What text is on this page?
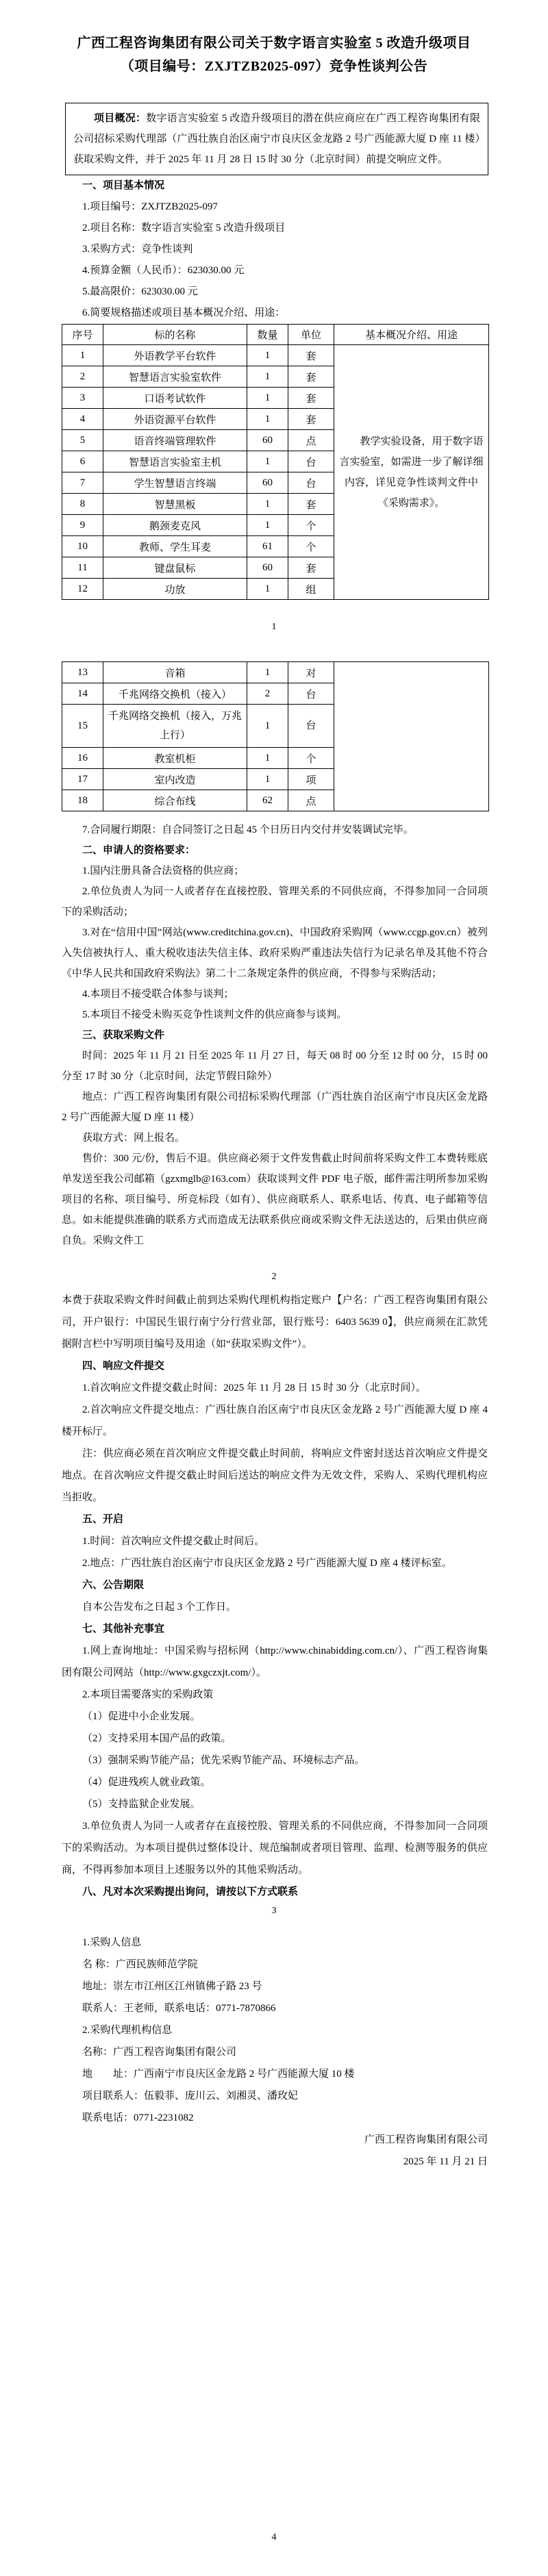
广西工程咨询集团有限公司关于数字语言实验室 5 改造升级项目
（项目编号：ZXJTZB2025-097）竞争性谈判公告

项目概况：数字语言实验室 5 改造升级项目的潜在供应商应在广西工程咨询集团有限公司招标采购代理部（广西壮族自治区南宁市良庆区金龙路 2 号广西能源大厦 D 座 11 楼）获取采购文件，并于 2025 年 11 月 28 日 15 时 30 分（北京时间）前提交响应文件。

一、项目基本情况

1.项目编号：ZXJTZB2025-097

2.项目名称：数字语言实验室 5 改造升级项目

3.采购方式：竞争性谈判

4.预算金额（人民币）：623030.00 元

5.最高限价：623030.00 元

6.简要规格描述或项目基本概况介绍、用途：

序号	标的名称	数量	单位	基本概况介绍、用途
1	外语教学平台软件	1	套	教学实验设备，用于数字语言实验室，如需进一步了解详细内容，详见竞争性谈判文件中《采购需求》。

2	智慧语言实验室软件	1	套	
3	口语考试软件	1	套	
4	外语资源平台软件	1	套	
5	语音终端管理软件	60	点	
6	智慧语言实验室主机	1	台	
7	学生智慧语言终端	60	台	
8	智慧黑板	1	套	
9	鹅颈麦克风	1	个	
10	教师、学生耳麦	61	个	
11	键盘鼠标	60	套	
12	功放	1	组	
1
13	音箱	1	对	
14	千兆网络交换机（接入）	2	台	
15	千兆网络交换机（接入，万兆上行）	1	台	
16	教室机柜	1	个	
17	室内改造	1	项	
18	综合布线	62	点	

7.合同履行期限：自合同签订之日起 45 个日历日内交付并安装调试完毕。

二、申请人的资格要求：

1.国内注册具备合法资格的供应商；

2.单位负责人为同一人或者存在直接控股、管理关系的不同供应商，不得参加同一合同项下的采购活动；

3.对在“信用中国”网站(www.creditchina.gov.cn)、中国政府采购网（www.ccgp.gov.cn）被列入失信被执行人、重大税收违法失信主体、政府采购严重违法失信行为记录名单及其他不符合《中华人民共和国政府采购法》第二十二条规定条件的供应商，不得参与采购活动；

4.本项目不接受联合体参与谈判；

5.本项目不接受未购买竞争性谈判文件的供应商参与谈判。

三、获取采购文件

时间：2025 年 11 月 21 日至 2025 年 11 月 27 日，每天 08 时 00 分至 12 时 00 分，15 时 00 分至 17 时 30 分（北京时间，法定节假日除外）

地点：广西工程咨询集团有限公司招标采购代理部（广西壮族自治区南宁市良庆区金龙路 2 号广西能源大厦 D 座 11 楼）

获取方式：网上报名。

售价：300 元/份，售后不退。供应商必须于文件发售截止时间前将采购文件工本费转账底单发送至我公司邮箱（gzxmglb@163.com）获取谈判文件 PDF 电子版，邮件需注明所参加采购项目的名称、项目编号、所竞标段（如有）、供应商联系人、联系电话、传真、电子邮箱等信息。如未能提供准确的联系方式而造成无法联系供应商或采购文件无法送达的，后果由供应商自负。采购文件工

2

本费于获取采购文件时间截止前到达采购代理机构指定账户【户名：广西工程咨询集团有限公司，开户银行：中国民生银行南宁分行营业部，银行账号：6403 5639 0】，供应商须在汇款凭据附言栏中写明项目编号及用途（如“获取采购文件”）。

四、响应文件提交

1.首次响应文件提交截止时间：2025 年 11 月 28 日 15 时 30 分（北京时间）。

2.首次响应文件提交地点：广西壮族自治区南宁市良庆区金龙路 2 号广西能源大厦 D 座 4 楼开标厅。

注：供应商必须在首次响应文件提交截止时间前，将响应文件密封送达首次响应文件提交地点。在首次响应文件提交截止时间后送达的响应文件为无效文件，采购人、采购代理机构应当拒收。

五、开启

1.时间：首次响应文件提交截止时间后。

2.地点：广西壮族自治区南宁市良庆区金龙路 2 号广西能源大厦 D 座 4 楼评标室。

六、公告期限

自本公告发布之日起 3 个工作日。

七、其他补充事宜

1.网上查询地址：中国采购与招标网（http://www.chinabidding.com.cn/）、广西工程咨询集团有限公司网站（http://www.gxgczxjt.com/）。

2.本项目需要落实的采购政策

（1）促进中小企业发展。

（2）支持采用本国产品的政策。

（3）强制采购节能产品；优先采购节能产品、环境标志产品。

（4）促进残疾人就业政策。

（5）支持监狱企业发展。

3.单位负责人为同一人或者存在直接控股、管理关系的不同供应商，不得参加同一合同项下的采购活动。为本项目提供过整体设计、规范编制或者项目管理、监理、检测等服务的供应商，不得再参加本项目上述服务以外的其他采购活动。

八、凡对本次采购提出询问，请按以下方式联系

3

1.采购人信息

名 称：广西民族师范学院

地址：崇左市江州区江州镇佛子路 23 号

联系人：王老师，联系电话：0771-7870866

2.采购代理机构信息

名称：广西工程咨询集团有限公司

地　　址：广西南宁市良庆区金龙路 2 号广西能源大厦 10 楼

项目联系人：伍毅菲、庞川云、刘湘灵、潘玫妃

联系电话：0771-2231082

广西工程咨询集团有限公司

2025 年 11 月 21 日

4
